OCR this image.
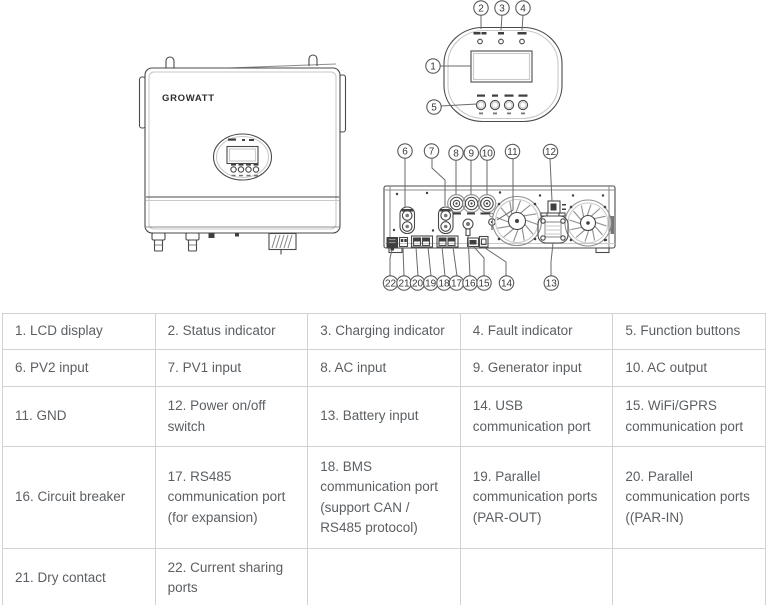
GROWATT
1
2 3 4
5
6 7 8 9 10 11	12
22 21 20 19 18 17 16 15 14	13
1. LCD display	2. Status indicator	3. Charging indicator	4. Fault indicator	5. Function buttons
6. PV2 input	7. PV1 input	8. AC input	9. Generator input	10. AC output
11. GND	12. Power on/off switch	13. Battery input	14. USB communication port	15. WiFi/GPRS communication port
16. Circuit breaker	17. RS485 communication port (for expansion)	18. BMS communication port (support CAN / RS485 protocol)	19. Parallel communication ports (PAR-OUT)	20. Parallel communication ports ((PAR-IN)
21. Dry contact	22. Current sharing ports			
